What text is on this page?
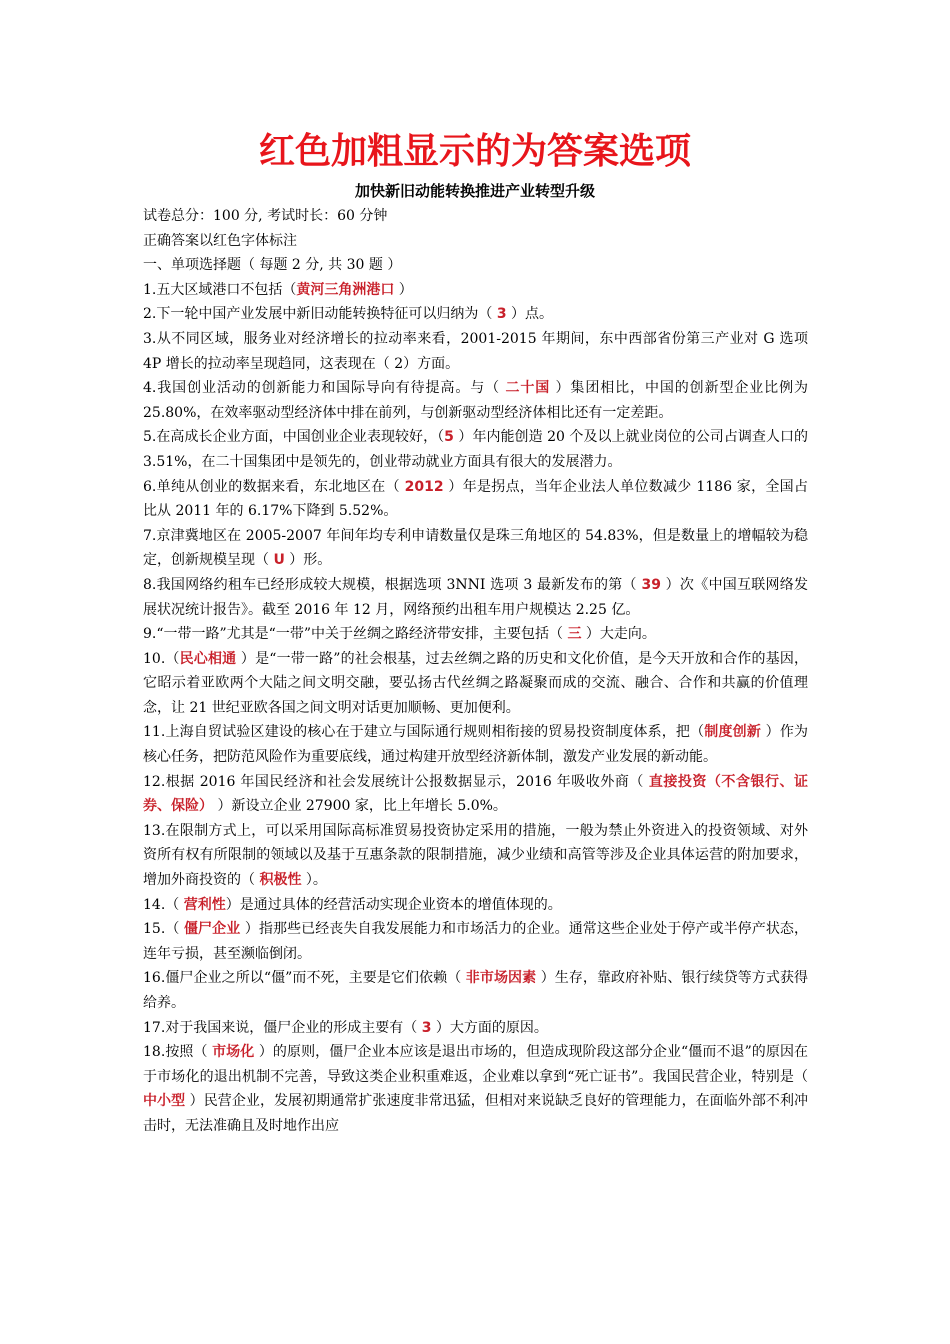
红色加粗显示的为答案选项
加快新旧动能转换推进产业转型升级

试卷总分：100 分, 考试时长：60 分钟

正确答案以红色字体标注

一、单项选择题（ 每题 2 分, 共 30 题 ）

1.五大区域港口不包括（黄河三角洲港口 ）

2.下一轮中国产业发展中新旧动能转换特征可以归纳为（ 3 ）点。

3.从不同区域，服务业对经济增长的拉动率来看，2001-2015 年期间，东中西部省份第三产业对 G 选项 4P 增长的拉动率呈现趋同，这表现在（ 2）方面。

4.我国创业活动的创新能力和国际导向有待提高。与（ 二十国 ）集团相比，中国的创新型企业比例为 25.80%，在效率驱动型经济体中排在前列，与创新驱动型经济体相比还有一定差距。

5.在高成长企业方面，中国创业企业表现较好，（5 ）年内能创造 20 个及以上就业岗位的公司占调查人口的 3.51%，在二十国集团中是领先的，创业带动就业方面具有很大的发展潜力。

6.单纯从创业的数据来看，东北地区在（ 2012 ）年是拐点，当年企业法人单位数减少 1186 家，全国占比从 2011 年的 6.17%下降到 5.52%。

7.京津冀地区在 2005-2007 年间年均专利申请数量仅是珠三角地区的 54.83%，但是数量上的增幅较为稳定，创新规模呈现（ U ）形。

8.我国网络约租车已经形成较大规模，根据选项 3NNI 选项 3 最新发布的第（ 39 ）次《中国互联网络发展状况统计报告》。截至 2016 年 12 月，网络预约出租车用户规模达 2.25 亿。

9.“一带一路”尤其是“一带”中关于丝绸之路经济带安排，主要包括（ 三 ）大走向。

10.（民心相通 ）是“一带一路”的社会根基，过去丝绸之路的历史和文化价值，是今天开放和合作的基因，它昭示着亚欧两个大陆之间文明交融，要弘扬古代丝绸之路凝聚而成的交流、融合、合作和共赢的价值理念，让 21 世纪亚欧各国之间文明对话更加顺畅、更加便利。

11.上海自贸试验区建设的核心在于建立与国际通行规则相衔接的贸易投资制度体系，把（制度创新 ）作为核心任务，把防范风险作为重要底线，通过构建开放型经济新体制，激发产业发展的新动能。

12.根据 2016 年国民经济和社会发展统计公报数据显示，2016 年吸收外商（ 直接投资（不含银行、证券、保险） ）新设立企业 27900 家，比上年增长 5.0%。

13.在限制方式上，可以采用国际高标准贸易投资协定采用的措施，一般为禁止外资进入的投资领域、对外资所有权有所限制的领域以及基于互惠条款的限制措施，减少业绩和高管等涉及企业具体运营的附加要求，增加外商投资的（ 积极性 ）。

14.（ 营利性）是通过具体的经营活动实现企业资本的增值体现的。

15.（ 僵尸企业 ）指那些已经丧失自我发展能力和市场活力的企业。通常这些企业处于停产或半停产状态，连年亏损，甚至濒临倒闭。

16.僵尸企业之所以“僵”而不死，主要是它们依赖（ 非市场因素 ）生存，靠政府补贴、银行续贷等方式获得给养。

17.对于我国来说，僵尸企业的形成主要有（ 3 ）大方面的原因。

18.按照（ 市场化 ）的原则，僵尸企业本应该是退出市场的，但造成现阶段这部分企业“僵而不退”的原因在于市场化的退出机制不完善，导致这类企业积重难返，企业难以拿到“死亡证书”。我国民营企业，特别是（ 中小型 ）民营企业，发展初期通常扩张速度非常迅猛，但相对来说缺乏良好的管理能力，在面临外部不利冲击时，无法准确且及时地作出应
